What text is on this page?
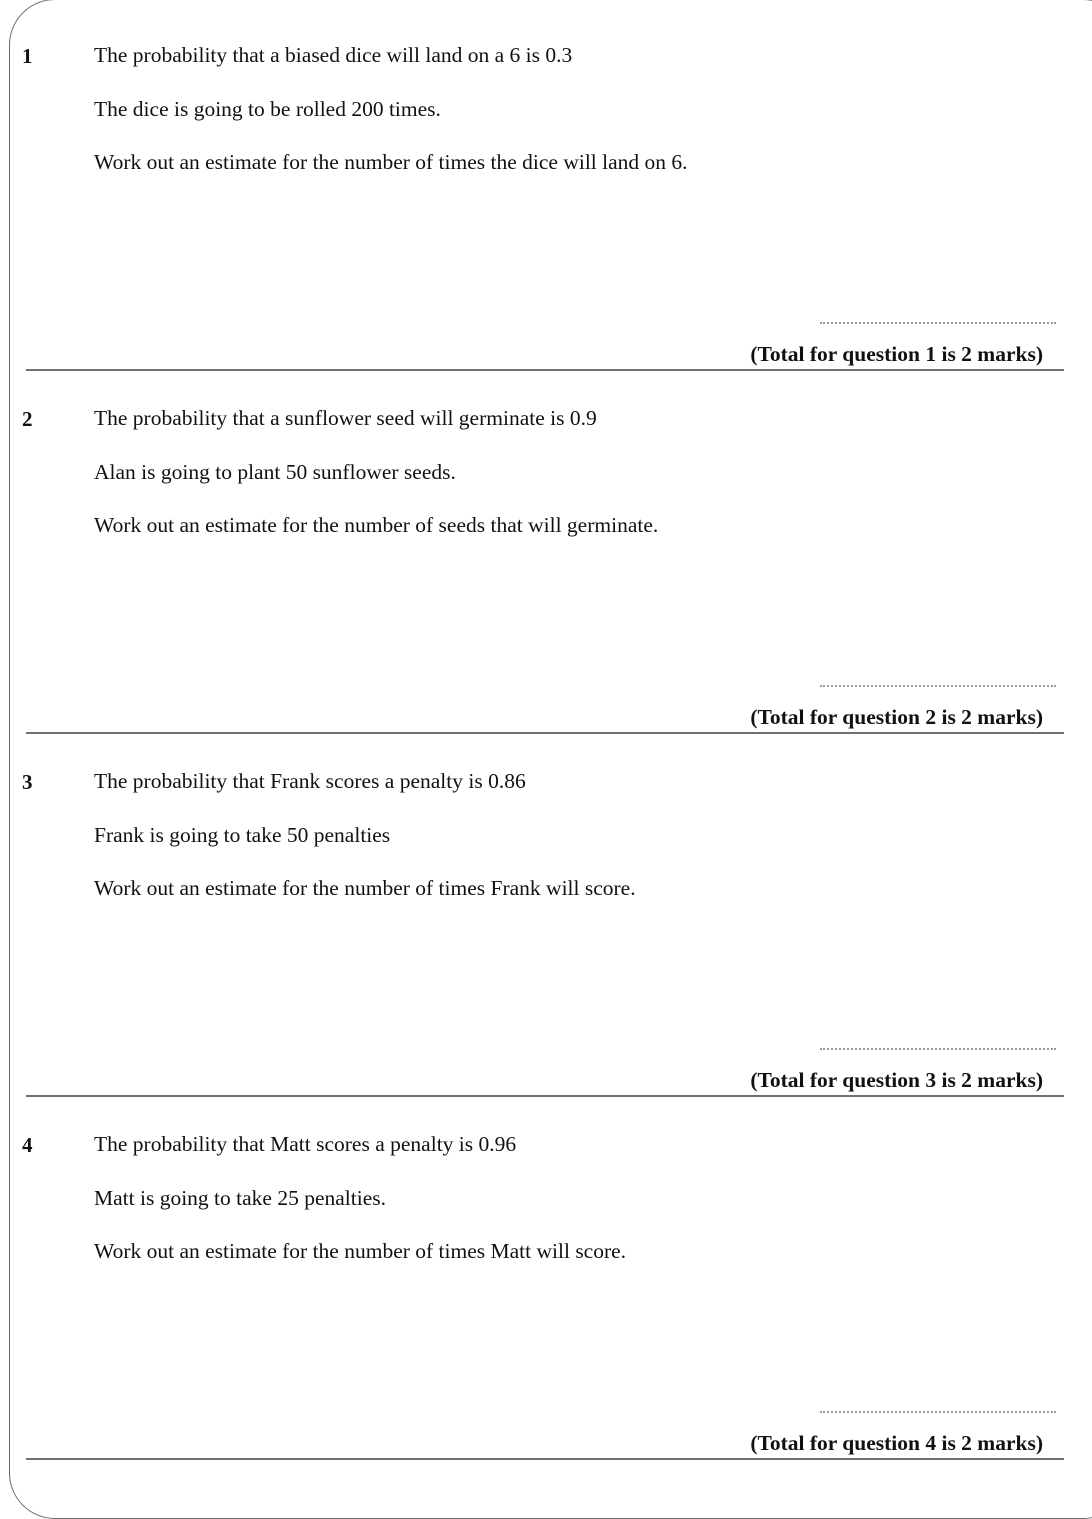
1	The probability that a biased dice will land on a 6 is 0.3
The dice is going to be rolled 200 times.
Work out an estimate for the number of times the dice will land on 6.
(Total for question 1 is 2 marks)
2	The probability that a sunflower seed will germinate is 0.9
Alan is going to plant 50 sunflower seeds.
Work out an estimate for the number of seeds that will germinate.
(Total for question 2 is 2 marks)
3	The probability that Frank scores a penalty is 0.86
Frank is going to take 50 penalties
Work out an estimate for the number of times Frank will score.
(Total for question 3 is 2 marks)
4	The probability that Matt scores a penalty is 0.96
Matt is going to take 25 penalties.
Work out an estimate for the number of times Matt will score.
(Total for question 4 is 2 marks)
